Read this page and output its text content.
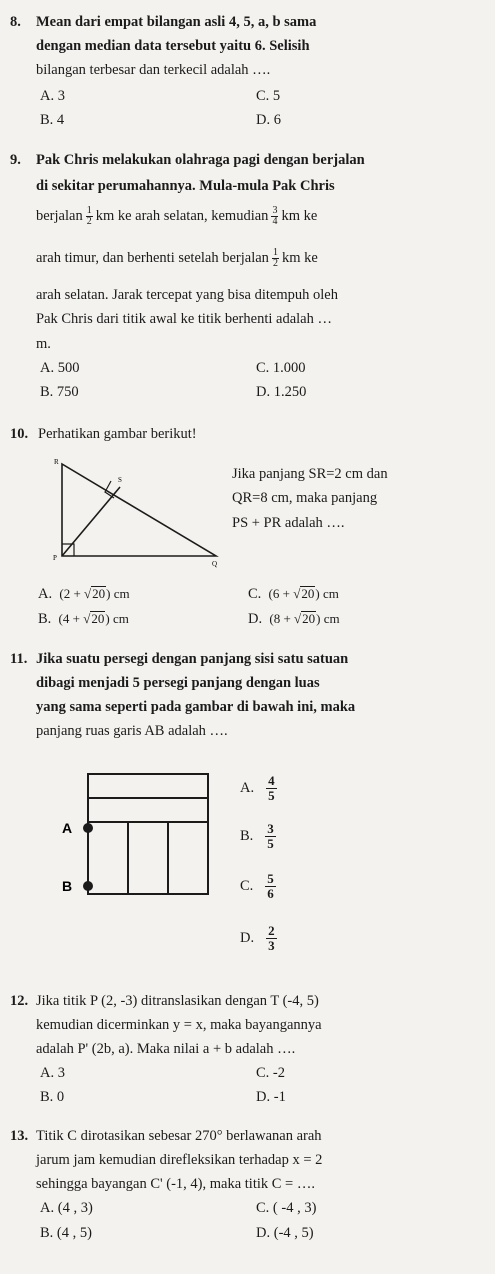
8. Mean dari empat bilangan asli 4, 5, a, b sama
dengan median data tersebut yaitu 6. Selisih
bilangan terbesar dan terkecil adalah ….
A. 3	C. 5
B. 4	D. 6
9. Pak Chris melakukan olahraga pagi dengan berjalan
di sekitar perumahannya. Mula-mula Pak Chris
berjalan $\frac{1}{2}$ km ke arah selatan, kemudian $\frac{3}{4}$ km ke
arah timur, dan berhenti setelah berjalan $\frac{1}{2}$ km ke
arah selatan. Jarak tercepat yang bisa ditempuh oleh
Pak Chris dari titik awal ke titik berhenti adalah …
m.
A. 500	C. 1.000
B. 750	D. 1.250
10. Perhatikan gambar berikut!
R
S
P
Q
Jika panjang SR=2 cm dan
QR=8 cm, maka panjang
PS + PR adalah ….
A. (2 + √20) cm	C. (6 + √20) cm
B. (4 + √20) cm	D. (8 + √20) cm
11. Jika suatu persegi dengan panjang sisi satu satuan
dibagi menjadi 5 persegi panjang dengan luas
yang sama seperti pada gambar di bawah ini, maka
panjang ruas garis AB adalah ….
A
B
A. $\frac{4}{5}$
B. $\frac{3}{5}$
C. $\frac{5}{6}$
D. $\frac{2}{3}$
12. Jika titik P (2, -3) ditranslasikan dengan T (-4, 5)
kemudian dicerminkan y = x, maka bayangannya
adalah P' (2b, a). Maka nilai a + b adalah ….
A. 3	C. -2
B. 0	D. -1
13. Titik C dirotasikan sebesar 270° berlawanan arah
jarum jam kemudian direfleksikan terhadap x = 2
sehingga bayangan C' (-1, 4), maka titik C = ….
A. (4 , 3)	C. ( -4 , 3)
B. (4 , 5)	D. (-4 , 5)
